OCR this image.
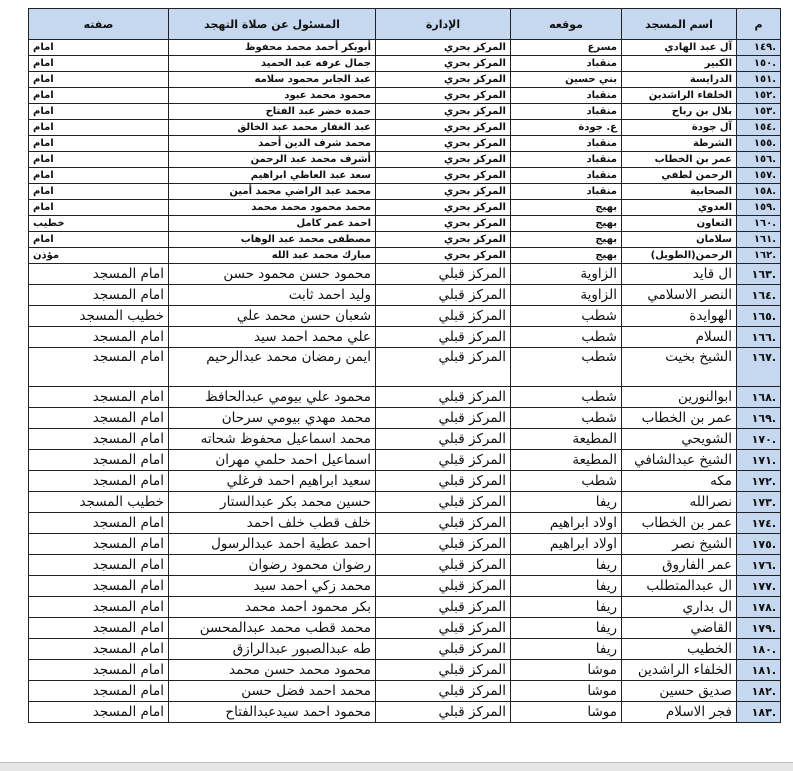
م	اسم المسجد	موقعه	الإدارة	المسئول عن صلاة التهجد	صفته
.١٤٩	آل عبد الهادي	مسرع	المركز بحري	أبوبكر أحمد محمد محفوظ	امام
.١٥٠	الكبير	منقباد	المركز بحري	جمال عرفه عبد الحميد	امام
.١٥١	الدرايسة	بني حسين	المركز بحري	عبد الجابر محمود سلامه	امام
.١٥٢	الخلفاء الراشدين	منقباد	المركز بحري	محمود محمد عبود	امام
.١٥٣	بلال بن رباح	منقباد	المركز بحري	حمده خضر عبد الفتاح	امام
.١٥٤	آل جودة	ع. جودة	المركز بحري	عبد الغفار محمد عبد الخالق	امام
.١٥٥	الشرطة	منقباد	المركز بحري	محمد شرف الدين أحمد	امام
.١٥٦	عمر بن الخطاب	منقباد	المركز بحري	أشرف محمد عبد الرحمن	امام
.١٥٧	الرحمن لطفي	منقباد	المركز بحري	سعد عبد العاطي ابراهيم	امام
.١٥٨	الصحابية	منقباد	المركز بحري	محمد عبد الراضي محمد أمين	امام
.١٥٩	العدوي	بهيج	المركز بحري	محمد محمود محمد محمد	امام
.١٦٠	التعاون	بهيج	المركز بحري	احمد عمر كامل	خطيب
.١٦١	سلامان	بهيج	المركز بحري	مصطفى محمد عبد الوهاب	امام
.١٦٢	الرحمن(الطويل)	بهيج	المركز بحري	مبارك محمد عبد الله	مؤذن
.١٦٣	ال قايد	الزاوية	المركز قبلي	محمود حسن محمود حسن	امام المسجد
.١٦٤	النصر الاسلامي	الزاوية	المركز قبلي	وليد احمد ثابت	امام المسجد
.١٦٥	الهوايدة	شطب	المركز قبلي	شعبان حسن محمد علي	خطيب المسجد
.١٦٦	السلام	شطب	المركز قبلي	علي محمد احمد سيد	امام المسجد
.١٦٧	الشيخ بخيت	شطب	المركز قبلي	ايمن رمضان محمد عبدالرحيم	امام المسجد
.١٦٨	ابوالنورين	شطب	المركز قبلي	محمود علي بيومي عبدالحافظ	امام المسجد
.١٦٩	عمر بن الخطاب	شطب	المركز قبلي	محمد مهدي بيومي سرحان	امام المسجد
.١٧٠	الشويحي	المطيعة	المركز قبلي	محمد اسماعيل محفوظ شحاته	امام المسجد
.١٧١	الشيخ عبدالشافي	المطيعة	المركز قبلي	اسماعيل احمد حلمي مهران	امام المسجد
.١٧٢	مكه	شطب	المركز قبلي	سعيد ابراهيم احمد فرغلي	امام المسجد
.١٧٣	نصرالله	ريفا	المركز قبلي	حسين محمد بكر عبدالستار	خطيب المسجد
.١٧٤	عمر بن الخطاب	اولاد ابراهيم	المركز قبلي	خلف قطب خلف احمد	امام المسجد
.١٧٥	الشيخ نصر	اولاد ابراهيم	المركز قبلي	احمد عطية احمد عبدالرسول	امام المسجد
.١٧٦	عمر الفاروق	ريفا	المركز قبلي	رضوان محمود رضوان	امام المسجد
.١٧٧	ال عبدالمتطلب	ريفا	المركز قبلي	محمد زكي احمد سيد	امام المسجد
.١٧٨	ال بداري	ريفا	المركز قبلي	بكر محمود احمد محمد	امام المسجد
.١٧٩	القاضي	ريفا	المركز قبلي	محمد قطب محمد عبدالمحسن	امام المسجد
.١٨٠	الخطيب	ريفا	المركز قبلي	طه عبدالصبور عبدالرازق	امام المسجد
.١٨١	الخلفاء الراشدين	موشا	المركز قبلي	محمود محمد حسن محمد	امام المسجد
.١٨٢	صديق حسين	موشا	المركز قبلي	محمد احمد فضل حسن	امام المسجد
.١٨٣	فجر الاسلام	موشا	المركز قبلي	محمود احمد سيدعبدالفتاح	امام المسجد
